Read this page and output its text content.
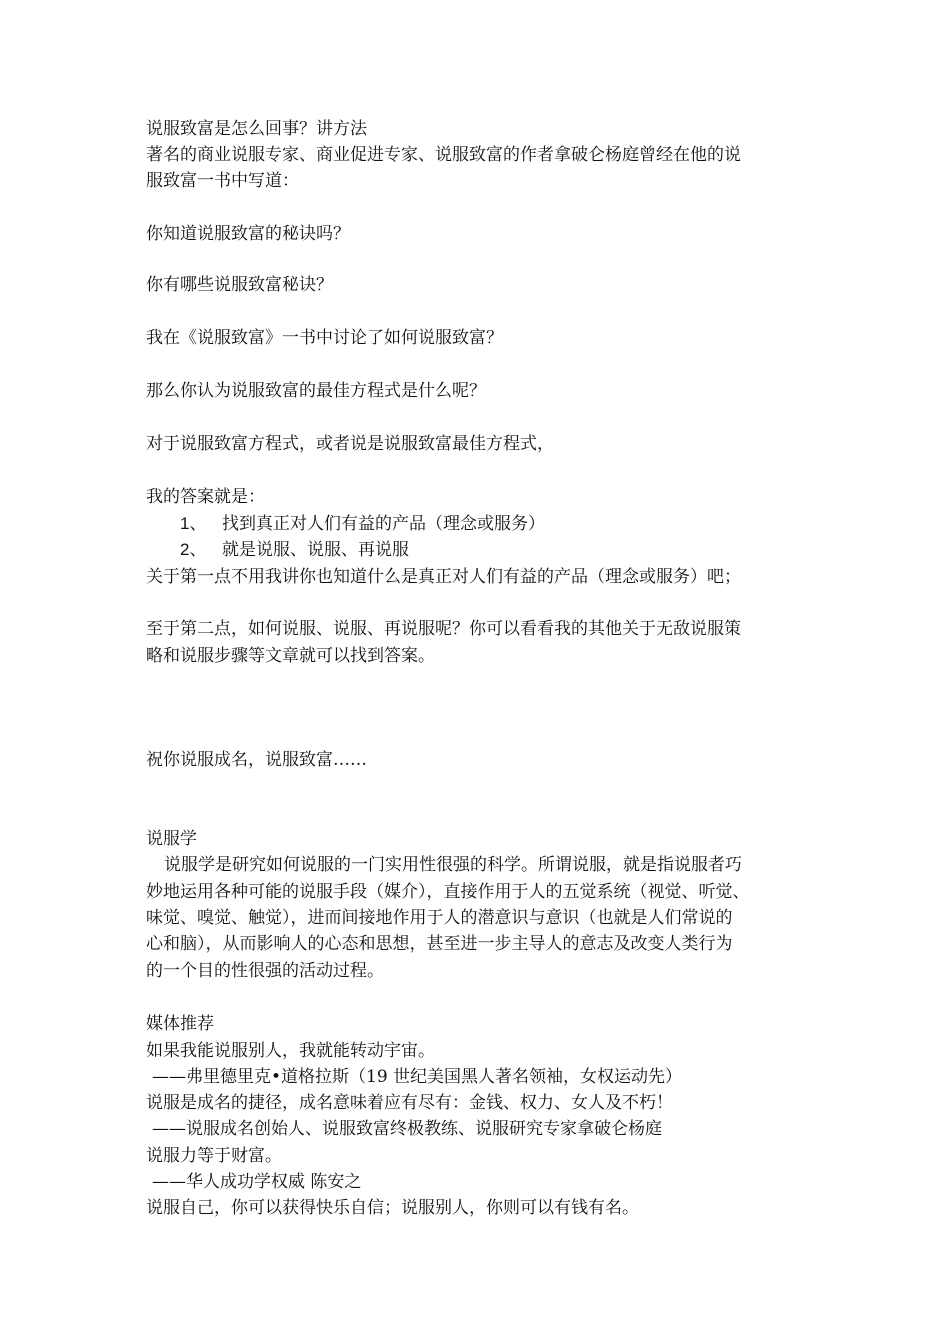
说服致富是怎么回事？讲方法
著名的商业说服专家、商业促进专家、说服致富的作者拿破仑杨庭曾经在他的说
服致富一书中写道：
你知道说服致富的秘诀吗？
你有哪些说服致富秘诀？
我在《说服致富》一书中讨论了如何说服致富？
那么你认为说服致富的最佳方程式是什么呢？
对于说服致富方程式，或者说是说服致富最佳方程式，
我的答案就是：
1、 找到真正对人们有益的产品（理念或服务）
2、 就是说服、说服、再说服
关于第一点不用我讲你也知道什么是真正对人们有益的产品（理念或服务）吧；
至于第二点，如何说服、说服、再说服呢？你可以看看我的其他关于无敌说服策
略和说服步骤等文章就可以找到答案。
祝你说服成名，说服致富……
说服学
说服学是研究如何说服的一门实用性很强的科学。所谓说服，就是指说服者巧
妙地运用各种可能的说服手段（媒介），直接作用于人的五觉系统（视觉、听觉、
味觉、嗅觉、触觉），进而间接地作用于人的潜意识与意识（也就是人们常说的
心和脑），从而影响人的心态和思想，甚至进一步主导人的意志及改变人类行为
的一个目的性很强的活动过程。
媒体推荐
如果我能说服别人，我就能转动宇宙。
——弗里德里克•道格拉斯（19 世纪美国黑人著名领袖，女权运动先）
说服是成名的捷径，成名意味着应有尽有：金钱、权力、女人及不朽！
——说服成名创始人、说服致富终极教练、说服研究专家拿破仑杨庭
说服力等于财富。
——华人成功学权威 陈安之
说服自己，你可以获得快乐自信；说服别人，你则可以有钱有名。
